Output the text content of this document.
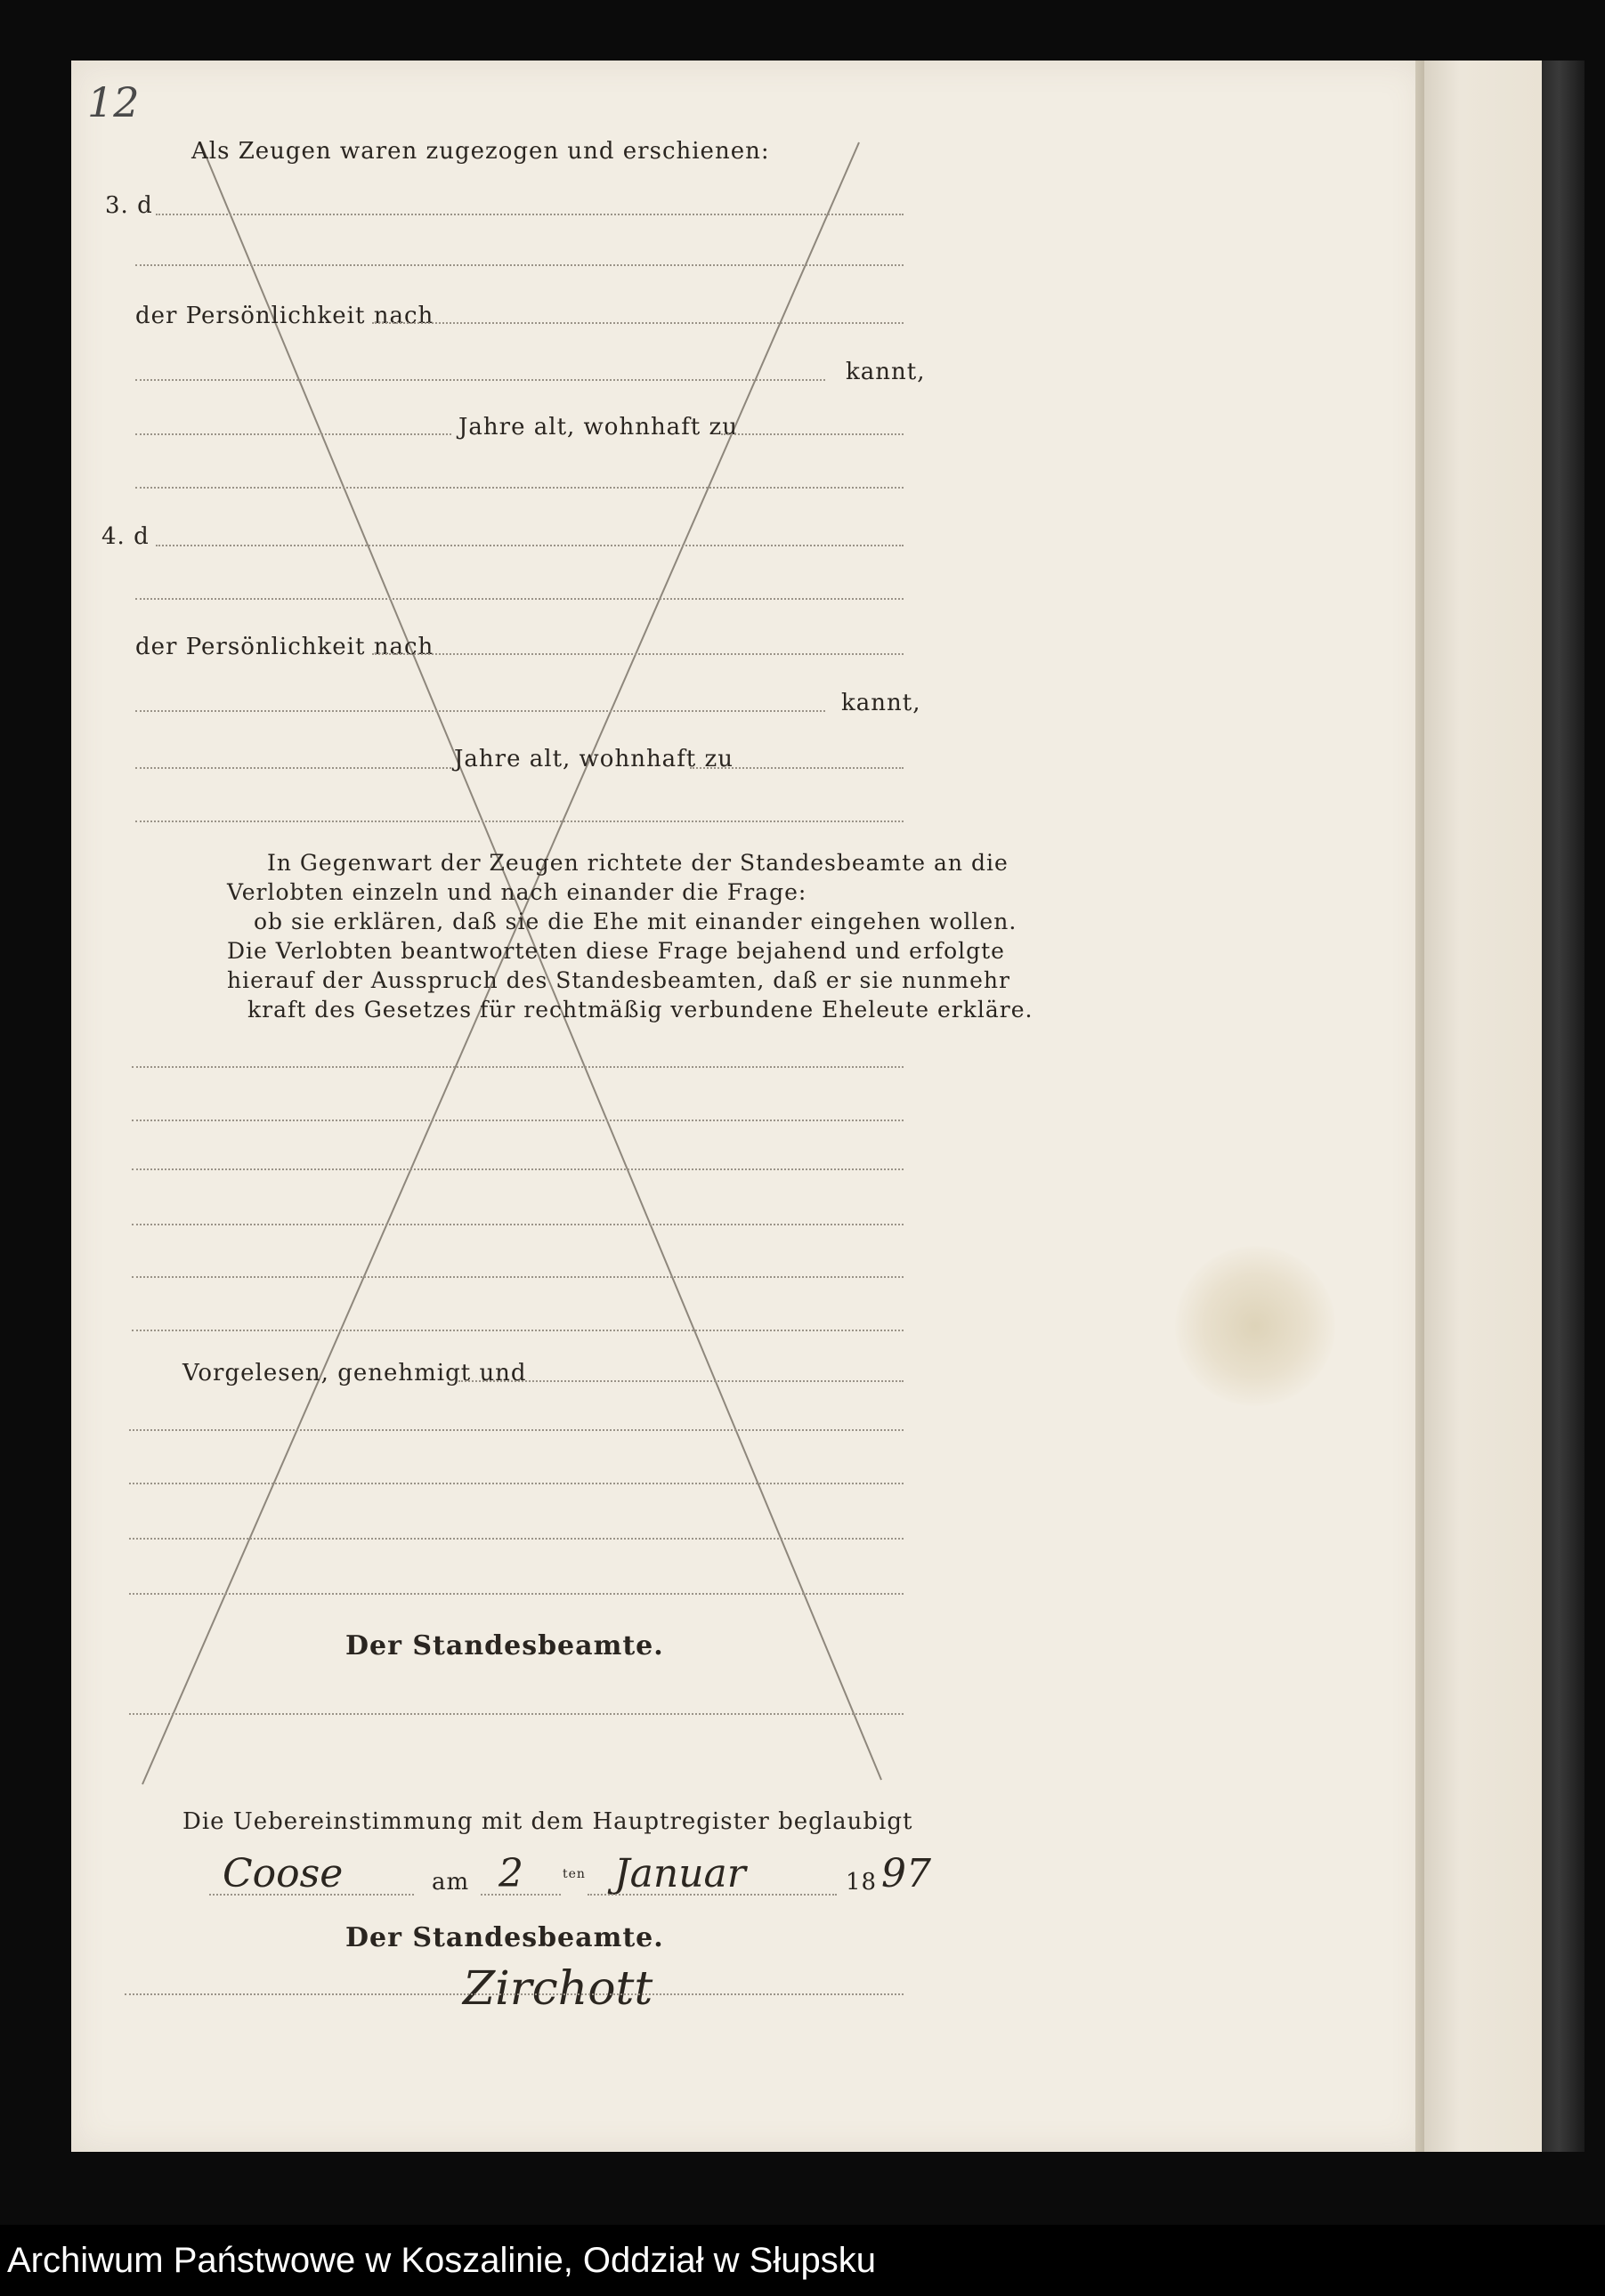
12
Als Zeugen waren zugezogen und erschienen:
3. d
der Persönlichkeit nach
kannt,
Jahre alt, wohnhaft zu
4. d
der Persönlichkeit nach
kannt,
Jahre alt, wohnhaft zu
In Gegenwart der Zeugen richtete der Standesbeamte an die
Verlobten einzeln und nach einander die Frage:
ob sie erklären, daß sie die Ehe mit einander eingehen wollen.
Die Verlobten beantworteten diese Frage bejahend und erfolgte
hierauf der Ausspruch des Standesbeamten, daß er sie nunmehr
kraft des Gesetzes für rechtmäßig verbundene Eheleute erkläre.
Vorgelesen, genehmigt und
Der Standesbeamte.
Die Uebereinstimmung mit dem Hauptregister beglaubigt
Coose	am 2	ten Januar	18 97
Der Standesbeamte.
Zirchott
Archiwum Państwowe w Koszalinie, Oddział w Słupsku
